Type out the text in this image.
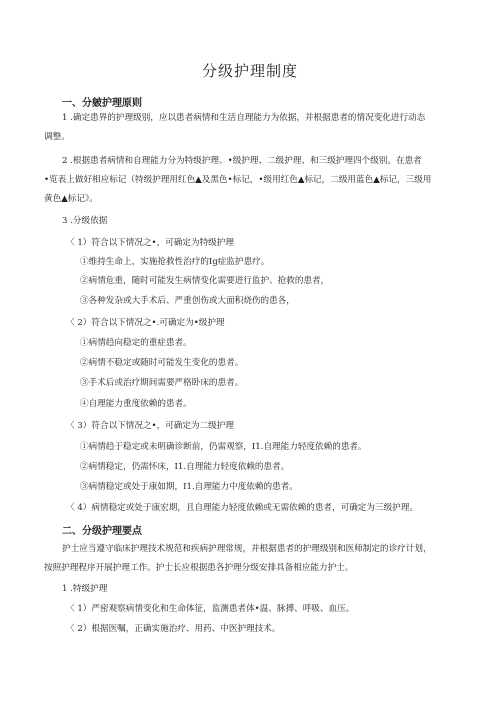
分级护理制度
一、分皴护理原则
1 .确定患界的护理级别，应以患者病情和生活自理能力为依据，并根据患者的情况变化进行动态
调整。
2 .根据患者病情和自理能力分为特级护理、•级护理、二级护理、和三级护理四个级别。在患者
•览表上做好相应标记（特级护理用红色▲及黑色•标记，•级用红色▲标记，二级用蓝色▲标记，三级用
黄色▲标记》。
3 .分级依据
〈 1）符合以下情况之•，可确定为特级护理
①维持生命上，实施抢救性治疗的Ig症监护患疗。
②病情危重，随时可能发生病情变化需要进行监护、抢救的患者，
③各种发杂或大手术后、严重创伤或大面积烧伤的患各，
〈 2）符合以下情况之•.可确定为•级护理
①病情趋向稳定的重症患者。
②病情不稳定或随时可能发生变化的患者。
③手术后或治疗期间需要严格卧床的患者。
④自理能力重度依赖的患者。
〈 3）符合以下情况之•，可确定为二级护理
①病情趋于稳定或未明确诊断前，仍需观察，I1.自理能力轻度依赖的患者。
②病情稳定，仍需怀床，I1.自理能力轻度依赖的患者。
③病情稳定或处于康如期，I1.自理能力中度依赖的患者。
〈 4）病情稳定或处于康宏期，且自理能力轻度依赖或无需依赖的患者，可确定为三级护理。
二、分级护理要点
护士应当遵守临床护理技术规范和疾病护理常规，并根据患者的护理级别和医师制定的诊疗计划，
按照护理程序开展护理工作。护士长应根据患各护理分级安排具备相应能力护士。
1 .特级护理
〈 1）严密观察病情变化和生命体征，监测患者体•温、脉搏、呼吸、血压。
〈 2）根据医嘱，正确实施治疗、用药、中医护理技术。
